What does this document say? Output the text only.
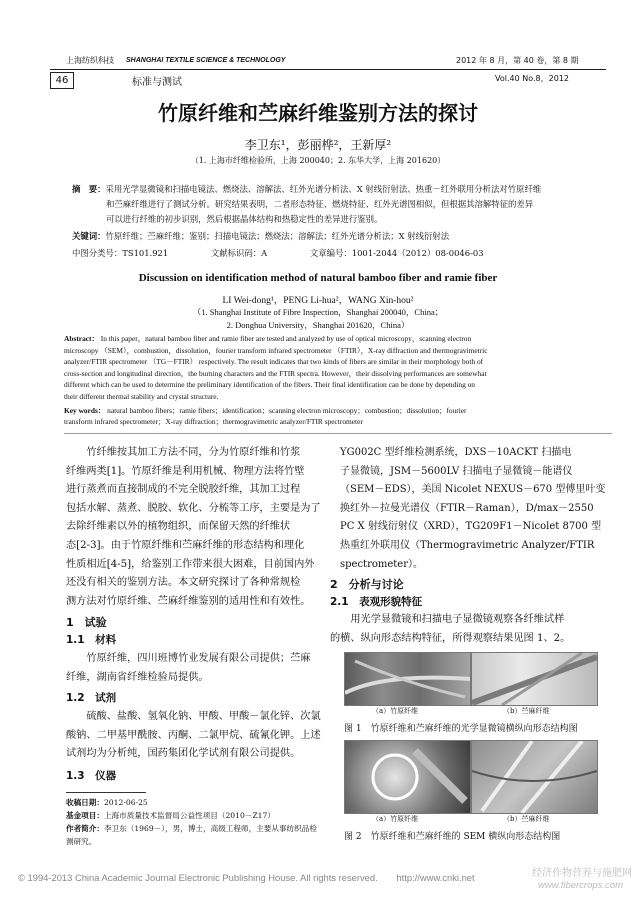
上海纺织科技 SHANGHAI TEXTILE SCIENCE & TECHNOLOGY	2012 年 8 月，第 40 卷，第 8 期
46	标准与测试	Vol.40 No.8，2012
竹原纤维和苎麻纤维鉴别方法的探讨
李卫东¹，彭丽桦²，王新厚²
（1. 上海市纤维检验所，上海 200040；2. 东华大学，上海 201620）
摘　要：采用光学显微镜和扫描电镜法、燃烧法、溶解法、红外光谱分析法、X 射线衍射法、热重－红外联用分析法对竹原纤维
和苎麻纤维进行了测试分析。研究结果表明，二者形态特征、燃烧特征、红外光谱图相似，但根据其溶解特征的差异
可以进行纤维的初步识别，然后根据晶体结构和热稳定性的差异进行鉴别。
关键词：竹原纤维；苎麻纤维；鉴别；扫描电镜法；燃烧法；溶解法；红外光谱分析法；X 射线衍射法
中图分类号：TS101.921	文献标识码：A	文章编号：1001-2044（2012）08-0046-03
Discussion on identification method of natural bamboo fiber and ramie fiber
LI Wei-dong¹，PENG Li-hua²，WANG Xin-hou²
（1. Shanghai Institute of Fibre Inspection，Shanghai 200040，China；
2. Donghua University，Shanghai 201620，China）
Abstract： In this paper，natural bamboo fiber and ramie fiber are tested and analyzed by use of optical microscopy，scanning electron
microscopy （SEM），combustion，dissolution，fourier transform infrared spectrometer （FTIR），X-ray diffraction and thermogravimetric
analyzer/FTIR spectrometer （TG－FTIR） respectively. The result indicates that two kinds of fibers are similar in their morphology both of
cross-section and longitudinal direction，the burning characters and the FTIR spectra. However，their dissolving performances are somewhat
different which can be used to determine the preliminary identification of the fibers. Their final identification can be done by depending on
their different thermal stability and crystal structure.
Key words： natural bamboo fibers；ramie fibers；identification；scanning electron microscopy；combustion；dissolution；fourier
transform infrared spectrometer；X-ray diffraction；thermogravimetric analyzer/FTIR spectrometer
　　竹纤维按其加工方法不同，分为竹原纤维和竹浆
纤维两类[1]。竹原纤维是利用机械、物理方法将竹壁
进行蒸煮而直接制成的不完全脱胶纤维，其加工过程
包括水解、蒸煮、脱胶、软化、分梳等工序，主要是为了
去除纤维素以外的植物组织，而保留天然的纤维状
态[2-3]。由于竹原纤维和苎麻纤维的形态结构和理化
性质相近[4-5]，给鉴别工作带来很大困难，目前国内外
还没有相关的鉴别方法。本文研究探讨了各种常规检
测方法对竹原纤维、苎麻纤维鉴别的适用性和有效性。
1　试验
1.1　材料
　　竹原纤维，四川班博竹业发展有限公司提供；苎麻
纤维，湖南省纤维检验局提供。
1.2　试剂
　　硫酸、盐酸、氢氧化钠、甲酸、甲酸－氯化锌、次氯
酸钠、二甲基甲酰胺、丙酮、二氯甲烷、硫氰化钾。上述
试剂均为分析纯，国药集团化学试剂有限公司提供。
1.3　仪器
收稿日期：2012-06-25
基金项目：上海市质量技术监督局公益性项目（2010－Z17）
作者简介：李卫东（1969－），男，博士，高级工程师，主要从事纺织品检
测研究。
YG002C 型纤维检测系统，DXS－10ACKT 扫描电
子显微镜，JSM－5600LV 扫描电子显微镜－能谱仪
（SEM－EDS），美国 Nicolet NEXUS－670 型傅里叶变
换红外－拉曼光谱仪（FTIR－Raman），D/max－2550
PC X 射线衍射仪（XRD），TG209F1－Nicolet 8700 型
热重红外联用仪（Thermogravimetric Analyzer/FTIR
spectrometer）。
2　分析与讨论
2.1　表观形貌特征
　　用光学显微镜和扫描电子显微镜观察各纤维试样
的横、纵向形态结构特征，所得观察结果见图 1、2。
（a）竹原纤维	（b）苎麻纤维
图 1　竹原纤维和苎麻纤维的光学显微镜横纵向形态结构图
（a）竹原纤维	（b）苎麻纤维
图 2　竹原纤维和苎麻纤维的 SEM 横纵向形态结构图
© 1994-2013 China Academic Journal Electronic Publishing House. All rights reserved.　　http://www.cnki.net	经济作物营养与施肥网
www.fibercrops.com
